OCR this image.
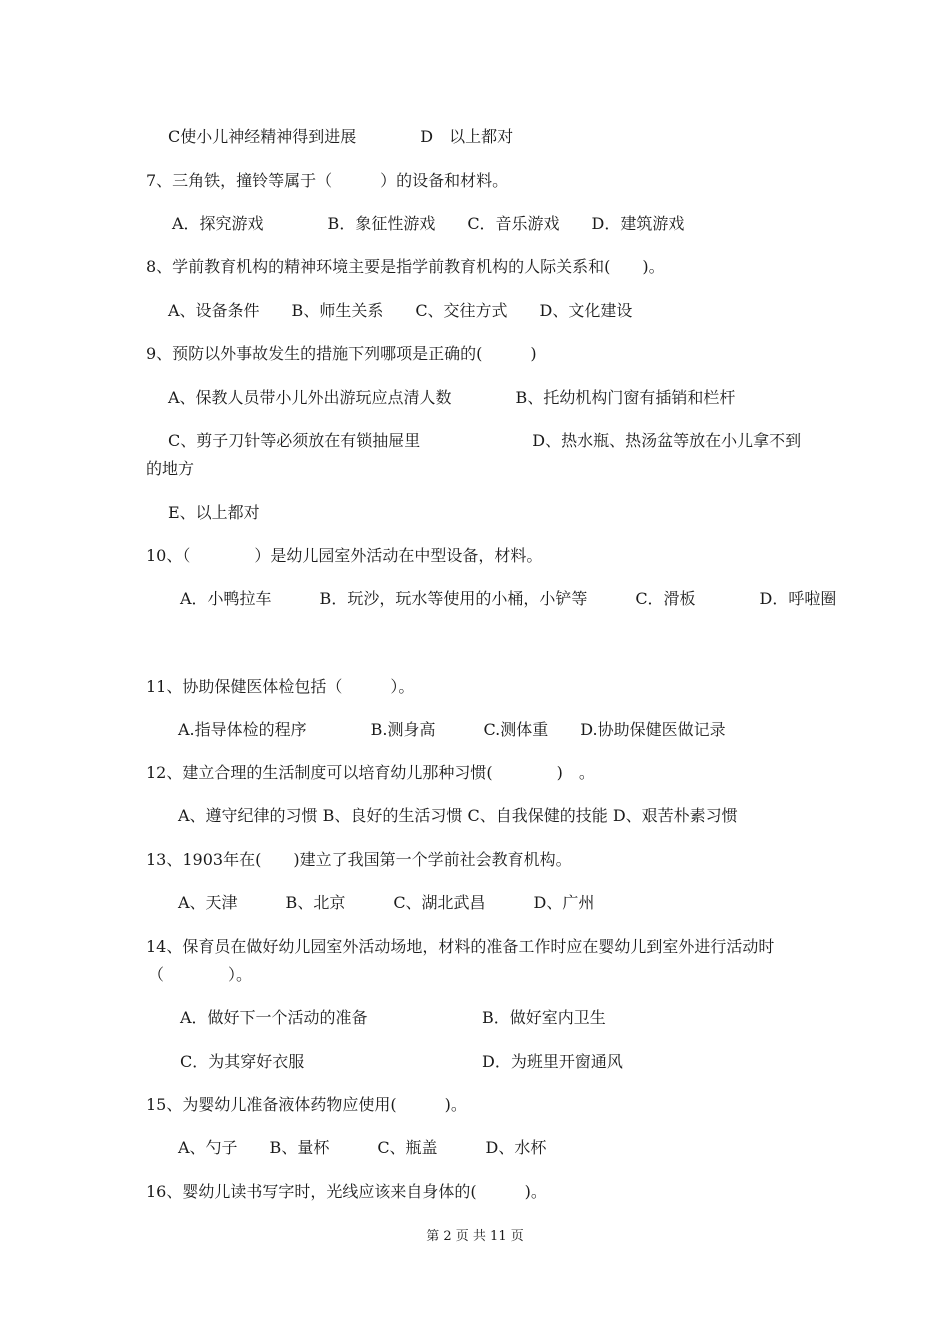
C使小儿神经精神得到进展　　　　D　以上都对

7、三角铁，撞铃等属于（　　　）的设备和材料。

A．探究游戏　　　　B．象征性游戏　　C．音乐游戏　　D．建筑游戏

8、学前教育机构的精神环境主要是指学前教育机构的人际关系和(　　)。

A、设备条件　　B、师生关系　　C、交往方式　　D、文化建设

9、预防以外事故发生的措施下列哪项是正确的(　　　)

A、保教人员带小儿外出游玩应点清人数　　　　B、托幼机构门窗有插销和栏杆

C、剪子刀针等必须放在有锁抽屉里　　　　　　　D、热水瓶、热汤盆等放在小儿拿不到

的地方

E、以上都对

10、（　　　　）是幼儿园室外活动在中型设备，材料。

A．小鸭拉车　　　B．玩沙，玩水等使用的小桶，小铲等　　　C．滑板　　　　D．呼啦圈

11、协助保健医体检包括（　　　）。

A.指导体检的程序　　　　B.测身高　　　C.测体重　　D.协助保健医做记录

12、建立合理的生活制度可以培育幼儿那种习惯(　　　　)　。

A、遵守纪律的习惯 B、良好的生活习惯 C、自我保健的技能 D、艰苦朴素习惯

13、1903年在(　　)建立了我国第一个学前社会教育机构。

A、天津　　　B、北京　　　C、湖北武昌　　　D、广州

14、保育员在做好幼儿园室外活动场地，材料的准备工作时应在婴幼儿到室外进行活动时

（　　　　）。

A．做好下一个活动的准备	B．做好室内卫生

C．为其穿好衣服	D．为班里开窗通风

15、为婴幼儿准备液体药物应使用(　　　)。

A、勺子　　B、量杯　　　C、瓶盖　　　D、水杯

16、婴幼儿读书写字时，光线应该来自身体的(　　　)。

第 2 页 共 11 页
